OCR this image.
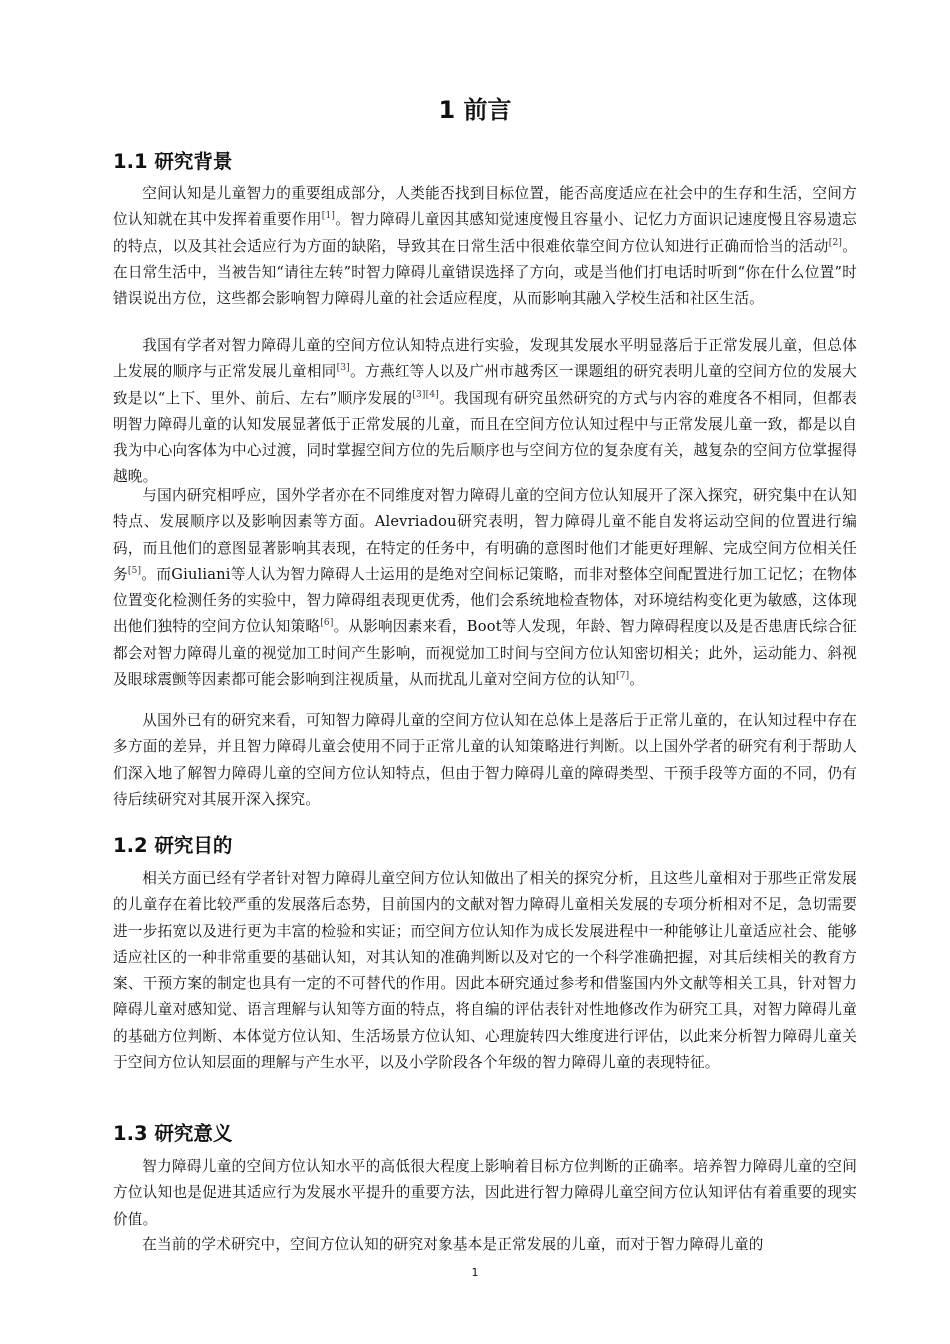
1 前言
1.1 研究背景

空间认知是儿童智力的重要组成部分，人类能否找到目标位置，能否高度适应在社会中的生存和生活，空间方位认知就在其中发挥着重要作用[1]。智力障碍儿童因其感知觉速度慢且容量小、记忆力方面识记速度慢且容易遗忘的特点，以及其社会适应行为方面的缺陷，导致其在日常生活中很难依靠空间方位认知进行正确而恰当的活动[2]。在日常生活中，当被告知“请往左转”时智力障碍儿童错误选择了方向，或是当他们打电话时听到“你在什么位置”时错误说出方位，这些都会影响智力障碍儿童的社会适应程度，从而影响其融入学校生活和社区生活。

我国有学者对智力障碍儿童的空间方位认知特点进行实验，发现其发展水平明显落后于正常发展儿童，但总体上发展的顺序与正常发展儿童相同[3]。方燕红等人以及广州市越秀区一课题组的研究表明儿童的空间方位的发展大致是以“上下、里外、前后、左右”顺序发展的[3][4]。我国现有研究虽然研究的方式与内容的难度各不相同，但都表明智力障碍儿童的认知发展显著低于正常发展的儿童，而且在空间方位认知过程中与正常发展儿童一致，都是以自我为中心向客体为中心过渡，同时掌握空间方位的先后顺序也与空间方位的复杂度有关，越复杂的空间方位掌握得越晚。

与国内研究相呼应，国外学者亦在不同维度对智力障碍儿童的空间方位认知展开了深入探究，研究集中在认知特点、发展顺序以及影响因素等方面。Alevriadou研究表明，智力障碍儿童不能自发将运动空间的位置进行编码，而且他们的意图显著影响其表现，在特定的任务中，有明确的意图时他们才能更好理解、完成空间方位相关任务[5]。而Giuliani等人认为智力障碍人士运用的是绝对空间标记策略，而非对整体空间配置进行加工记忆；在物体位置变化检测任务的实验中，智力障碍组表现更优秀，他们会系统地检查物体，对环境结构变化更为敏感，这体现出他们独特的空间方位认知策略[6]。从影响因素来看，Boot等人发现，年龄、智力障碍程度以及是否患唐氏综合征都会对智力障碍儿童的视觉加工时间产生影响，而视觉加工时间与空间方位认知密切相关；此外，运动能力、斜视及眼球震颤等因素都可能会影响到注视质量，从而扰乱儿童对空间方位的认知[7]。

从国外已有的研究来看，可知智力障碍儿童的空间方位认知在总体上是落后于正常儿童的，在认知过程中存在多方面的差异，并且智力障碍儿童会使用不同于正常儿童的认知策略进行判断。以上国外学者的研究有利于帮助人们深入地了解智力障碍儿童的空间方位认知特点，但由于智力障碍儿童的障碍类型、干预手段等方面的不同，仍有待后续研究对其展开深入探究。

1.2 研究目的

相关方面已经有学者针对智力障碍儿童空间方位认知做出了相关的探究分析，且这些儿童相对于那些正常发展的儿童存在着比较严重的发展落后态势，目前国内的文献对智力障碍儿童相关发展的专项分析相对不足，急切需要进一步拓宽以及进行更为丰富的检验和实证；而空间方位认知作为成长发展进程中一种能够让儿童适应社会、能够适应社区的一种非常重要的基础认知，对其认知的准确判断以及对它的一个科学准确把握，对其后续相关的教育方案、干预方案的制定也具有一定的不可替代的作用。因此本研究通过参考和借鉴国内外文献等相关工具，针对智力障碍儿童对感知觉、语言理解与认知等方面的特点，将自编的评估表针对性地修改作为研究工具，对智力障碍儿童的基础方位判断、本体觉方位认知、生活场景方位认知、心理旋转四大维度进行评估，以此来分析智力障碍儿童关于空间方位认知层面的理解与产生水平，以及小学阶段各个年级的智力障碍儿童的表现特征。

1.3 研究意义

智力障碍儿童的空间方位认知水平的高低很大程度上影响着目标方位判断的正确率。培养智力障碍儿童的空间方位认知也是促进其适应行为发展水平提升的重要方法，因此进行智力障碍儿童空间方位认知评估有着重要的现实价值。

在当前的学术研究中，空间方位认知的研究对象基本是正常发展的儿童，而对于智力障碍儿童的

1
